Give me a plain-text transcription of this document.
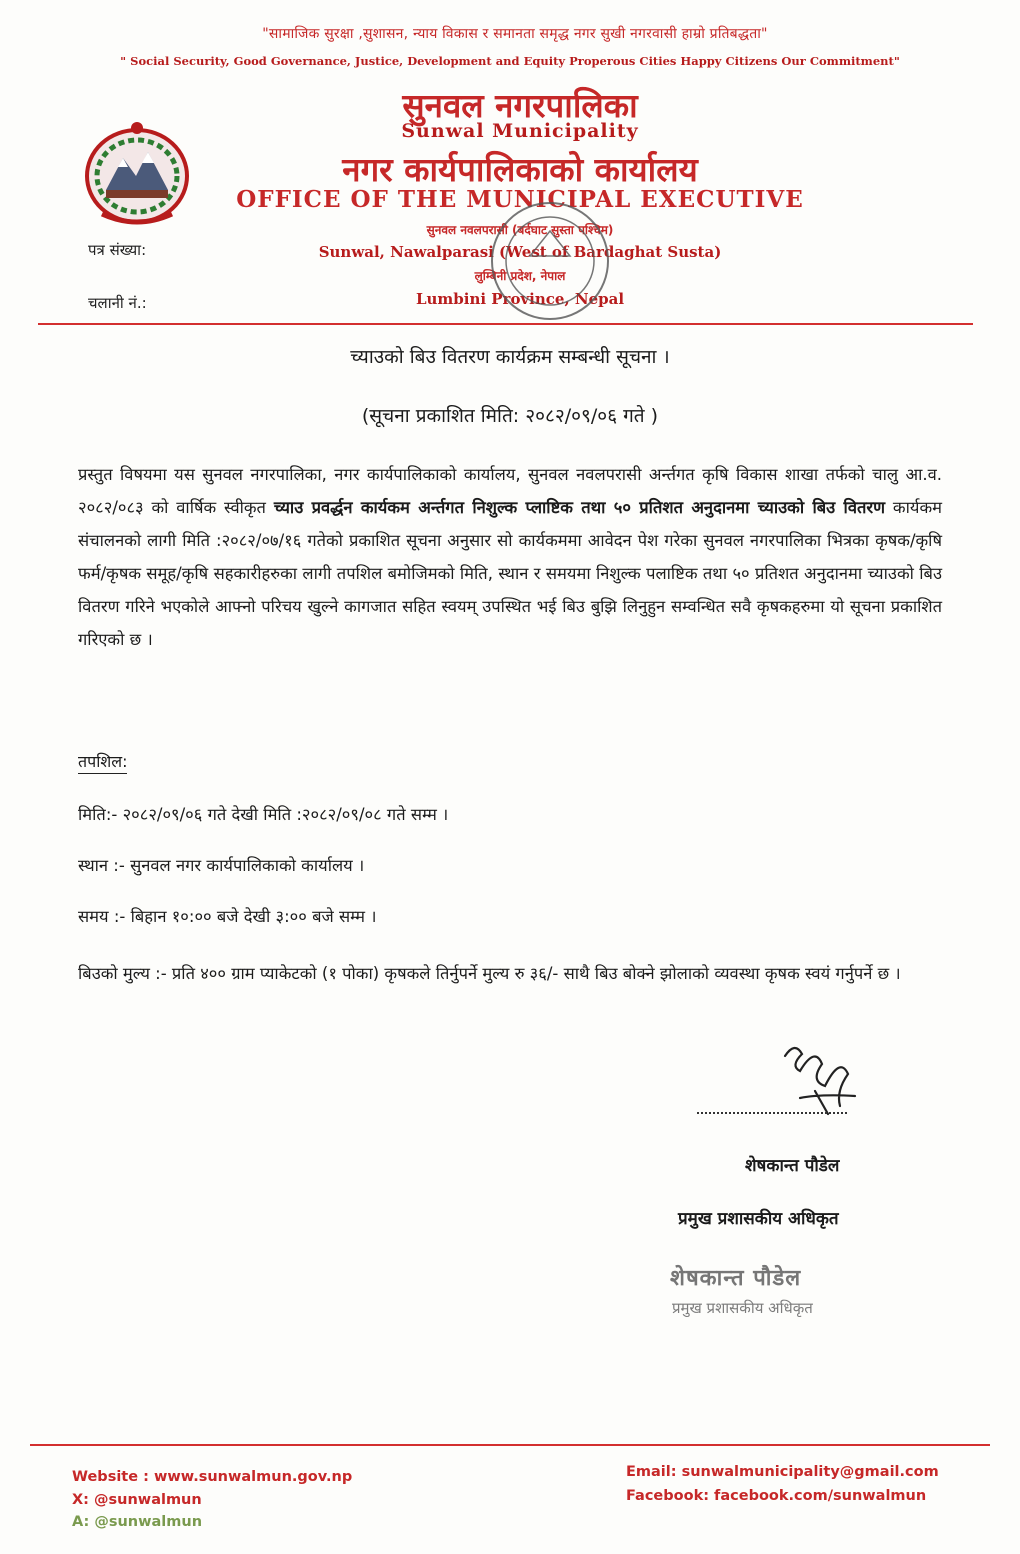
"सामाजिक सुरक्षा ,सुशासन, न्याय विकास र समानता समृद्ध नगर सुखी नगरवासी हाम्रो प्रतिबद्धता"
" Social Security, Good Governance, Justice, Development and Equity Properous Cities Happy Citizens Our Commitment"
सुनवल नगरपालिका
Sunwal Municipality
नगर कार्यपालिकाको कार्यालय
OFFICE OF THE MUNICIPAL EXECUTIVE
सुनवल नवलपरासी (बर्दघाट सुस्ता पश्चिम)
Sunwal, Nawalparasi (West of Bardaghat Susta)
लुम्बिनी प्रदेश, नेपाल
Lumbini Province, Nepal
पत्र संख्या:
चलानी नं.:
च्याउको बिउ वितरण कार्यक्रम सम्बन्धी सूचना ।
(सूचना प्रकाशित मिति: २०८२/०९/०६ गते )
प्रस्तुत विषयमा यस सुनवल नगरपालिका, नगर कार्यपालिकाको कार्यालय, सुनवल नवलपरासी अर्न्तगत कृषि विकास शाखा तर्फको चालु आ.व. २०८२/०८३ को वार्षिक स्वीकृत च्याउ प्रवर्द्धन कार्यकम अर्न्तगत निशुल्क प्लाष्टिक तथा ५० प्रतिशत अनुदानमा च्याउको बिउ वितरण कार्यकम संचालनको लागी मिति :२०८२/०७/१६ गतेको प्रकाशित सूचना अनुसार सो कार्यकममा आवेदन पेश गरेका सुनवल नगरपालिका भित्रका कृषक/कृषि फर्म/कृषक समूह/कृषि सहकारीहरुका लागी तपशिल बमोजिमको मिति, स्थान र समयमा निशुल्क पलाष्टिक तथा ५० प्रतिशत अनुदानमा च्याउको बिउ वितरण गरिने भएकोले आफ्नो परिचय खुल्ने कागजात सहित स्वयम् उपस्थित भई बिउ बुझि लिनुहुन सम्वन्धित सवै कृषकहरुमा यो सूचना प्रकाशित गरिएको छ ।
तपशिल:
मिति:- २०८२/०९/०६ गते देखी मिति :२०८२/०९/०८ गते सम्म ।
स्थान :- सुनवल नगर कार्यपालिकाको कार्यालय ।
समय :- बिहान १०:०० बजे देखी ३:०० बजे सम्म ।
बिउको मुल्य :- प्रति ४०० ग्राम प्याकेटको (१ पोका) कृषकले तिर्नुपर्ने मुल्य रु ३६/- साथै बिउ बोक्ने झोलाको व्यवस्था कृषक स्वयं गर्नुपर्ने छ ।
शेषकान्त पौडेल
प्रमुख प्रशासकीय अधिकृत
शेषकान्त पौडेल
प्रमुख प्रशासकीय अधिकृत
Website : www.sunwalmun.gov.np
X: @sunwalmun
A: @sunwalmun
Email: sunwalmunicipality@gmail.com
Facebook: facebook.com/sunwalmun
